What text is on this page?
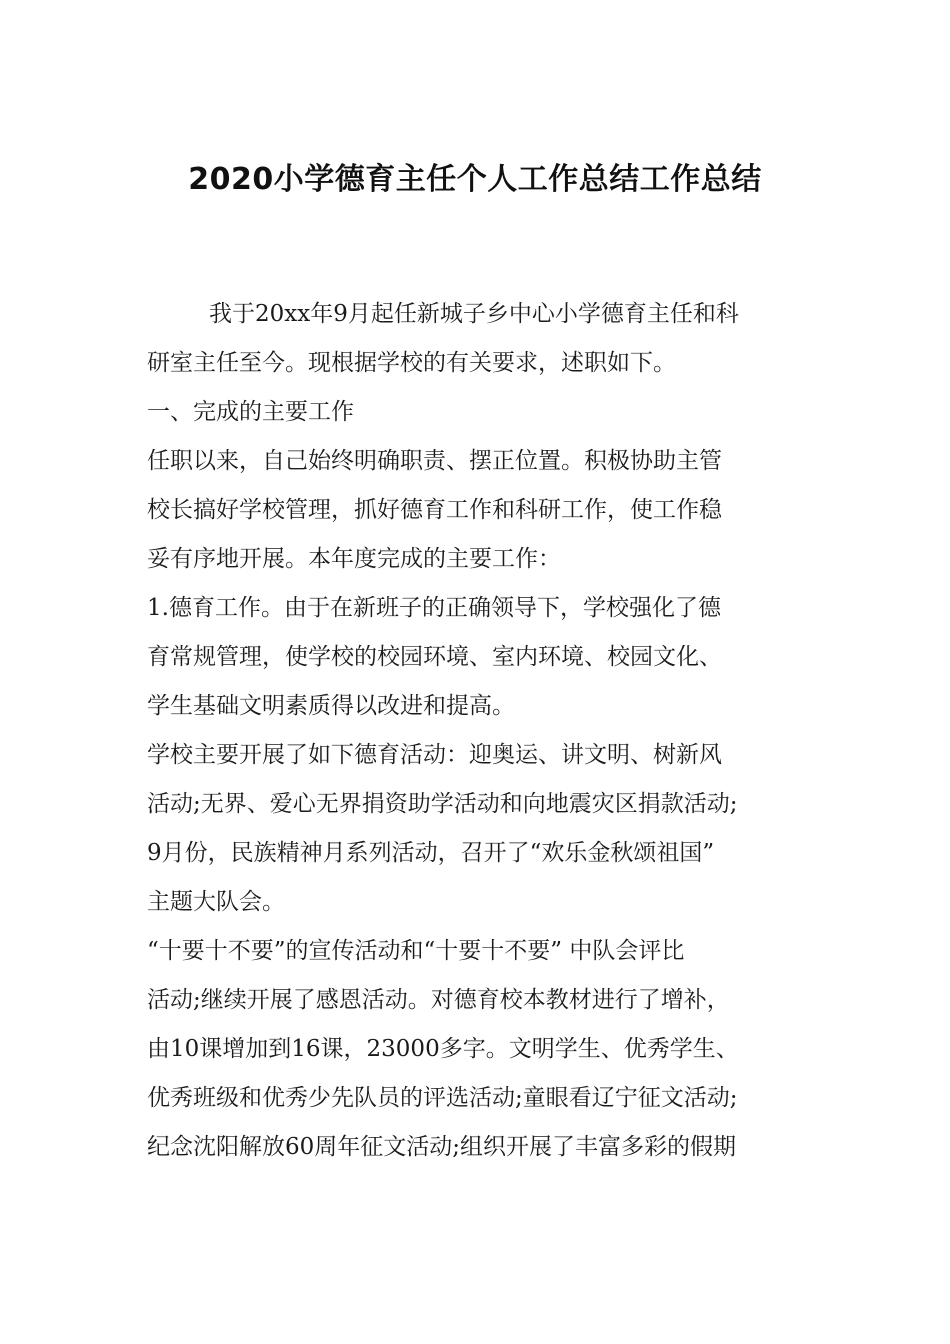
2020小学德育主任个人工作总结工作总结
我于20xx年9月起任新城子乡中心小学德育主任和科
研室主任至今。现根据学校的有关要求，述职如下。
一、完成的主要工作
任职以来，自己始终明确职责、摆正位置。积极协助主管
校长搞好学校管理，抓好德育工作和科研工作，使工作稳
妥有序地开展。本年度完成的主要工作：
1.德育工作。由于在新班子的正确领导下，学校强化了德
育常规管理，使学校的校园环境、室内环境、校园文化、
学生基础文明素质得以改进和提高。
学校主要开展了如下德育活动：迎奥运、讲文明、树新风
活动;无界、爱心无界捐资助学活动和向地震灾区捐款活动;
9月份，民族精神月系列活动，召开了“欢乐金秋颂祖国”
主题大队会。
“十要十不要”的宣传活动和“十要十不要” 中队会评比
活动;继续开展了感恩活动。对德育校本教材进行了增补，
由10课增加到16课，23000多字。文明学生、优秀学生、
优秀班级和优秀少先队员的评选活动;童眼看辽宁征文活动;
纪念沈阳解放60周年征文活动;组织开展了丰富多彩的假期
